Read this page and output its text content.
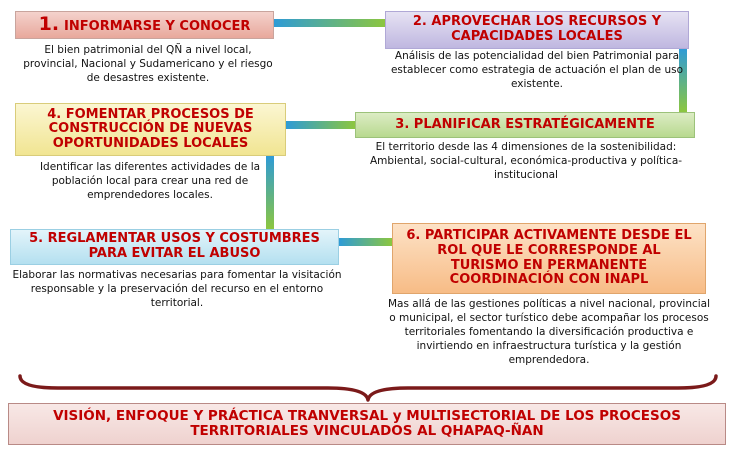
1. INFORMARSE Y CONOCER

El bien patrimonial del QÑ a nivel local, provincial, Nacional y Sudamericano y el riesgo de desastres existente.

2. APROVECHAR LOS RECURSOS Y CAPACIDADES LOCALES

Análisis de las potencialidad del bien Patrimonial para establecer como estrategia de actuación el plan de uso existente.

3. PLANIFICAR ESTRATÉGICAMENTE

El territorio desde las 4 dimensiones de la sostenibilidad: Ambiental, social-cultural, económica-productiva y política-institucional

4. FOMENTAR PROCESOS DE CONSTRUCCIÓN DE NUEVAS OPORTUNIDADES LOCALES

Identificar las diferentes actividades de la población local para crear una red de emprendedores locales.

5. REGLAMENTAR USOS Y COSTUMBRES PARA EVITAR EL ABUSO

Elaborar las normativas necesarias para fomentar la visitación responsable y la preservación del recurso en el entorno territorial.

6. PARTICIPAR ACTIVAMENTE DESDE EL ROL QUE LE CORRESPONDE AL TURISMO EN PERMANENTE COORDINACIÓN CON INAPL

Mas allá de las gestiones políticas a nivel nacional, provincial o municipal, el sector turístico debe acompañar los procesos territoriales fomentando la diversificación productiva e invirtiendo en infraestructura turística y la gestión emprendedora.

VISIÓN, ENFOQUE Y PRÁCTICA TRANVERSAL y MULTISECTORIAL DE LOS PROCESOS TERRITORIALES VINCULADOS AL QHAPAQ-ÑAN
